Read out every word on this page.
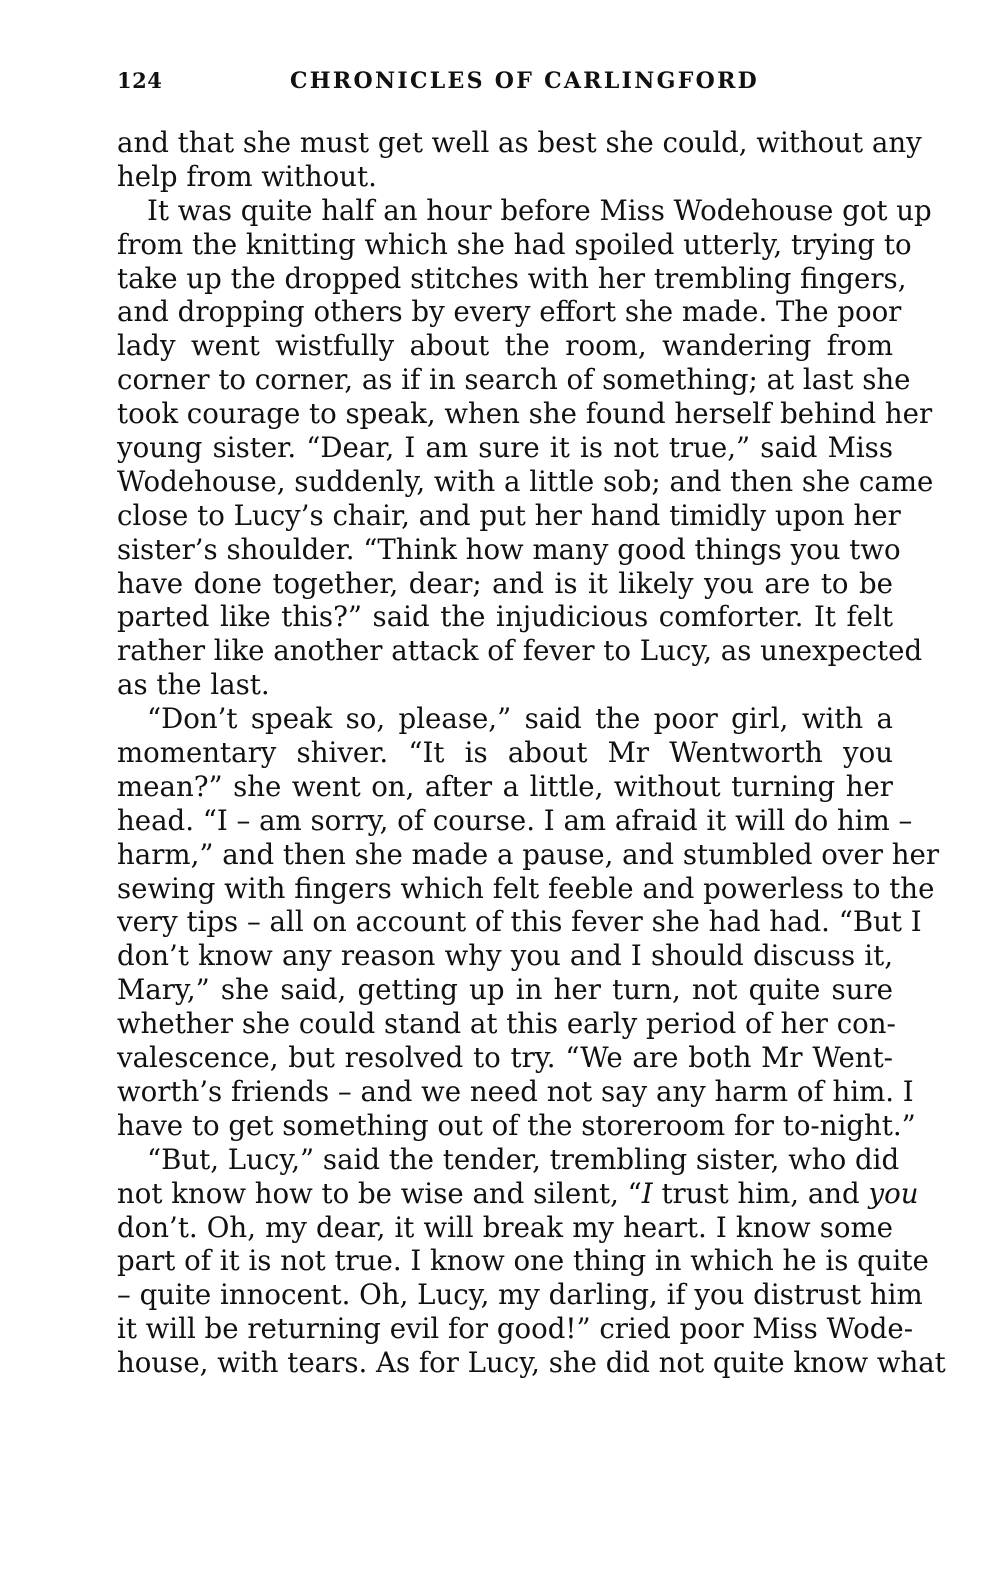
124	CHRONICLES OF CARLINGFORD
and that she must get well as best she could, without any
help from without.
It was quite half an hour before Miss Wodehouse got up
from the knitting which she had spoiled utterly, trying to
take up the dropped stitches with her trembling fingers,
and dropping others by every effort she made. The poor
lady went wistfully about the room, wandering from
corner to corner, as if in search of something; at last she
took courage to speak, when she found herself behind her
young sister. “Dear, I am sure it is not true,” said Miss
Wodehouse, suddenly, with a little sob; and then she came
close to Lucy’s chair, and put her hand timidly upon her
sister’s shoulder. “Think how many good things you two
have done together, dear; and is it likely you are to be
parted like this?” said the injudicious comforter. It felt
rather like another attack of fever to Lucy, as unexpected
as the last.
“Don’t speak so, please,” said the poor girl, with a
momentary shiver. “It is about Mr Wentworth you
mean?” she went on, after a little, without turning her
head. “I – am sorry, of course. I am afraid it will do him –
harm,” and then she made a pause, and stumbled over her
sewing with fingers which felt feeble and powerless to the
very tips – all on account of this fever she had had. “But I
don’t know any reason why you and I should discuss it,
Mary,” she said, getting up in her turn, not quite sure
whether she could stand at this early period of her con-
valescence, but resolved to try. “We are both Mr Went-
worth’s friends – and we need not say any harm of him. I
have to get something out of the storeroom for to-night.”
“But, Lucy,” said the tender, trembling sister, who did
not know how to be wise and silent, “I trust him, and you
don’t. Oh, my dear, it will break my heart. I know some
part of it is not true. I know one thing in which he is quite
– quite innocent. Oh, Lucy, my darling, if you distrust him
it will be returning evil for good!” cried poor Miss Wode-
house, with tears. As for Lucy, she did not quite know what
